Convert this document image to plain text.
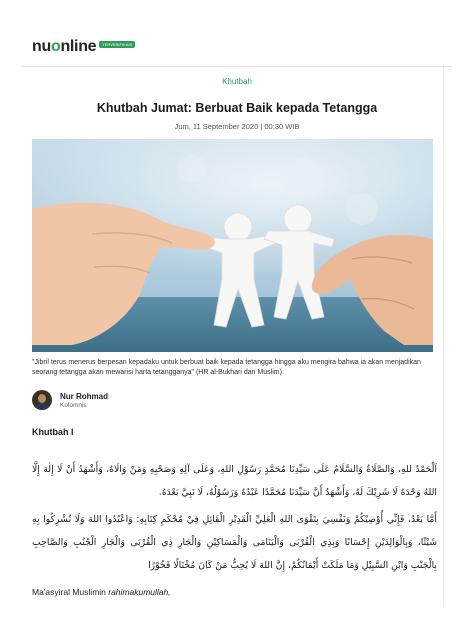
nuonline	TERVERIFIKASI
Khutbah
Khutbah Jumat: Berbuat Baik kepada Tetangga
Jum, 11 September 2020 | 00:30 WIB
"Jibril terus menerus berpesan kepadaku untuk berbuat baik kepada tetangga hingga aku mengira bahwa ia akan menjadikan seorang tetangga akan mewarisi harta tetangganya" (HR al-Bukhari dan Muslim).
Nur Rohmad
Kolomnis
Khutbah I

اَلْحَمْدُ للهِ، وَالصَّلَاةُ وَالسَّلَامُ عَلَى سَيِّدِنَا مُحَمَّدٍ رَسُوْلِ اللهِ، وَعَلَى آلِهِ وَصَحْبِهِ وَمَنْ وَالَاهُ، وَأَشْهَدُ أَنْ لَا إِلٰهَ إِلَّا اللهُ وَحْدَهُ لَا شَرِيْكَ لَهُ، وَأَشْهَدُ أَنَّ سَيِّدَنَا مُحَمَّدًا عَبْدُهُ وَرَسُوْلُهُ، لَا نَبِيَّ بَعْدَهُ.

أَمَّا بَعْدُ، فَإِنِّي أُوْصِيْكُمْ وَنَفْسِيَ بِتَقْوَى اللهِ الْعَلِيِّ الْقَدِيْرِ الْقَائِلِ فِيْ مُحْكَمِ كِتَابِهِ: وَاعْبُدُوا اللهَ وَلَا تُشْرِكُوا بِهِ شَيْئًا، وَبِالْوَالِدَيْنِ إِحْسَانًا وَبِذِي الْقُرْبَى وَالْيَتَامَى وَالْمَسَاكِيْنِ وَالْجَارِ ذِي الْقُرْبَى وَالْجَارِ الْجُنُبِ وَالصَّاحِبِ بِالْجَنْبِ وَابْنِ السَّبِيْلِ وَمَا مَلَكَتْ أَيْمَانُكُمْ، إِنَّ اللهَ لَا يُحِبُّ مَنْ كَانَ مُخْتَالًا فَخُوْرًا

Ma'asyiral Muslimin rahimakumullah,
